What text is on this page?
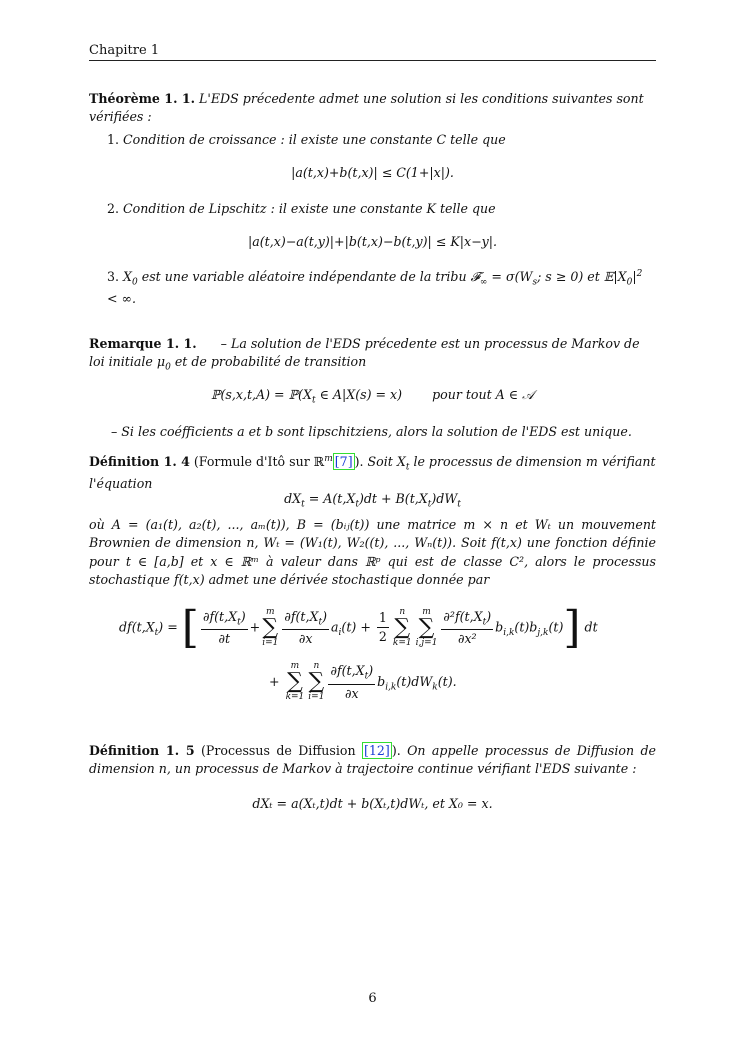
Chapitre 1
Théorème 1. 1. L'EDS précedente admet une solution si les conditions suivantes sont vérifiées :
1. Condition de croissance : il existe une constante C telle que
|a(t,x)+b(t,x)| ≤ C(1+|x|).
2. Condition de Lipschitz : il existe une constante K telle que
|a(t,x)−a(t,y)|+|b(t,x)−b(t,y)| ≤ K|x−y|.
3. $X_0$ est une variable aléatoire indépendante de la tribu 𝓕$_\infty$ = $\sigma(W_s$; s ≥ 0) et $𝔼|X_0|^2$ < ∞.
Remarque 1. 1. – La solution de l'EDS précedente est un processus de Markov de loi initiale $\mu_0$ et de probabilité de transition
ℙ(s,x,t,A) = $ℙ(X_t$ ∈ A|X(s) = x) pour tout A ∈ 𝒜
– Si les coéfficients a et b sont lipschitziens, alors la solution de l'EDS est unique.
Définition 1. 4 (Formule d'Itô sur ℝ$^m$ [7] ). Soit $X_t$ le processus de dimension m vérifiant l'équation
$dX_t = A(t,X_t)dt + B(t,X_t)dW_t$
où A = (a₁(t), a₂(t), ..., aₘ(t)), B = (bᵢⱼ(t)) une matrice m × n et Wₜ un mouvement Brownien de dimension n, Wₜ = (W₁(t), W₂((t), ..., Wₙ(t)). Soit f(t,x) une fonction définie pour t ∈ [a,b] et x ∈ ℝᵐ à valeur dans ℝᵖ qui est de classe C², alors le processus stochastique f(t,x) admet une dérivée stochastique donnée par
$df(t,X_t)$ = [ $\frac{\partial f(t,X_t)}{\partial t}$ +
m
∑
$i=1 \frac{\partial f(t,X_t)}{\partial x} a_i(t) + \frac{1}{2}$	n
∑
k=1
m
∑
$i,j=1 \frac{\partial^2f(t,X_t)}{\text{∂x²}} b_{i,k}(t)b_{j,k}(t)$] dt
+
m
∑
k=1
n
∑
$i=1 \frac{\partial f(t,X_t)}{\partial x} b_{i,k}(t)dW_k(t)$.
Définition 1. 5 (Processus de Diffusion [12] ). On appelle processus de Diffusion de dimension n, un processus de Markov à trajectoire continue vérifiant l'EDS suivante :
dXₜ = a(Xₜ,t)dt + b(Xₜ,t)dWₜ, et X₀ = x.
6
